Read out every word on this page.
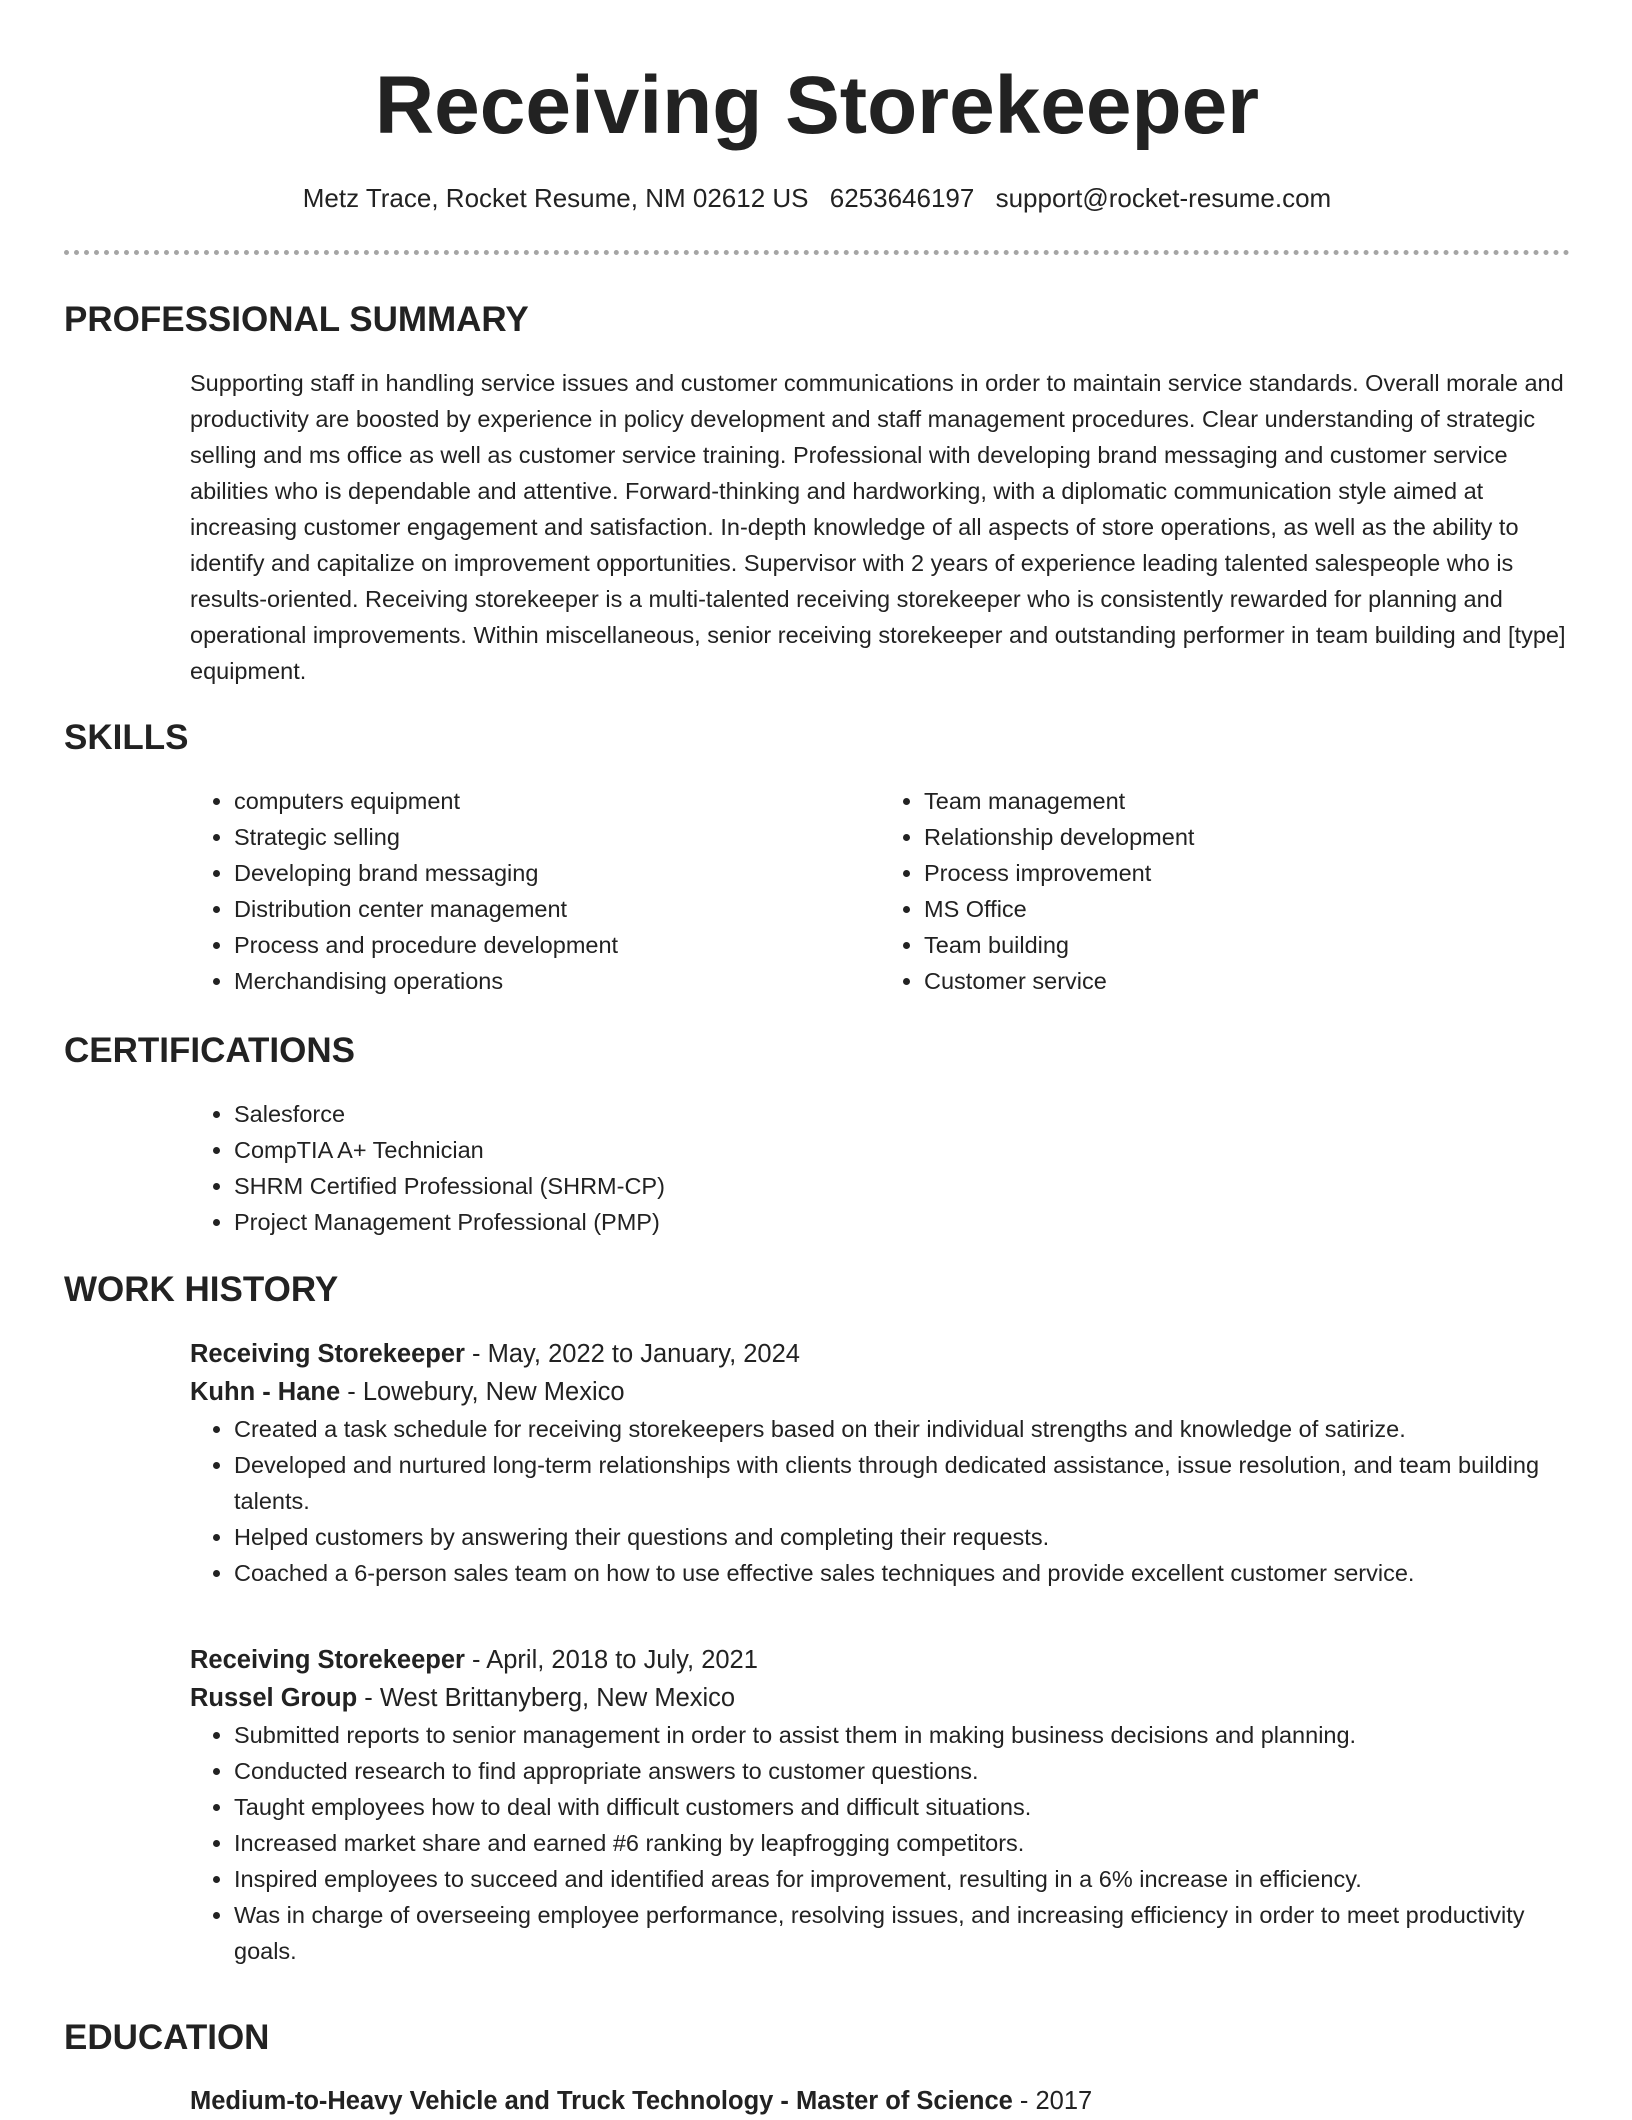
Receiving Storekeeper
Metz Trace, Rocket Resume, NM 02612 US 6253646197 support@rocket-resume.com
PROFESSIONAL SUMMARY
Supporting staff in handling service issues and customer communications in order to maintain service standards. Overall morale and productivity are boosted by experience in policy development and staff management procedures. Clear understanding of strategic selling and ms office as well as customer service training. Professional with developing brand messaging and customer service abilities who is dependable and attentive. Forward-thinking and hardworking, with a diplomatic communication style aimed at increasing customer engagement and satisfaction. In-depth knowledge of all aspects of store operations, as well as the ability to identify and capitalize on improvement opportunities. Supervisor with 2 years of experience leading talented salespeople who is results-oriented. Receiving storekeeper is a multi-talented receiving storekeeper who is consistently rewarded for planning and operational improvements. Within miscellaneous, senior receiving storekeeper and outstanding performer in team building and [type] equipment.
SKILLS
• computers equipment
• Strategic selling
• Developing brand messaging
• Distribution center management
• Process and procedure development
• Merchandising operations
• Team management
• Relationship development
• Process improvement
• MS Office
• Team building
• Customer service
CERTIFICATIONS
• Salesforce
• CompTIA A+ Technician
• SHRM Certified Professional (SHRM-CP)
• Project Management Professional (PMP)
WORK HISTORY
Receiving Storekeeper - May, 2022 to January, 2024
Kuhn - Hane - Lowebury, New Mexico
• Created a task schedule for receiving storekeepers based on their individual strengths and knowledge of satirize.
• Developed and nurtured long-term relationships with clients through dedicated assistance, issue resolution, and team building talents.
• Helped customers by answering their questions and completing their requests.
• Coached a 6-person sales team on how to use effective sales techniques and provide excellent customer service.
Receiving Storekeeper - April, 2018 to July, 2021
Russel Group - West Brittanyberg, New Mexico
• Submitted reports to senior management in order to assist them in making business decisions and planning.
• Conducted research to find appropriate answers to customer questions.
• Taught employees how to deal with difficult customers and difficult situations.
• Increased market share and earned #6 ranking by leapfrogging competitors.
• Inspired employees to succeed and identified areas for improvement, resulting in a 6% increase in efficiency.
• Was in charge of overseeing employee performance, resolving issues, and increasing efficiency in order to meet productivity goals.
EDUCATION
Medium-to-Heavy Vehicle and Truck Technology - Master of Science - 2017
